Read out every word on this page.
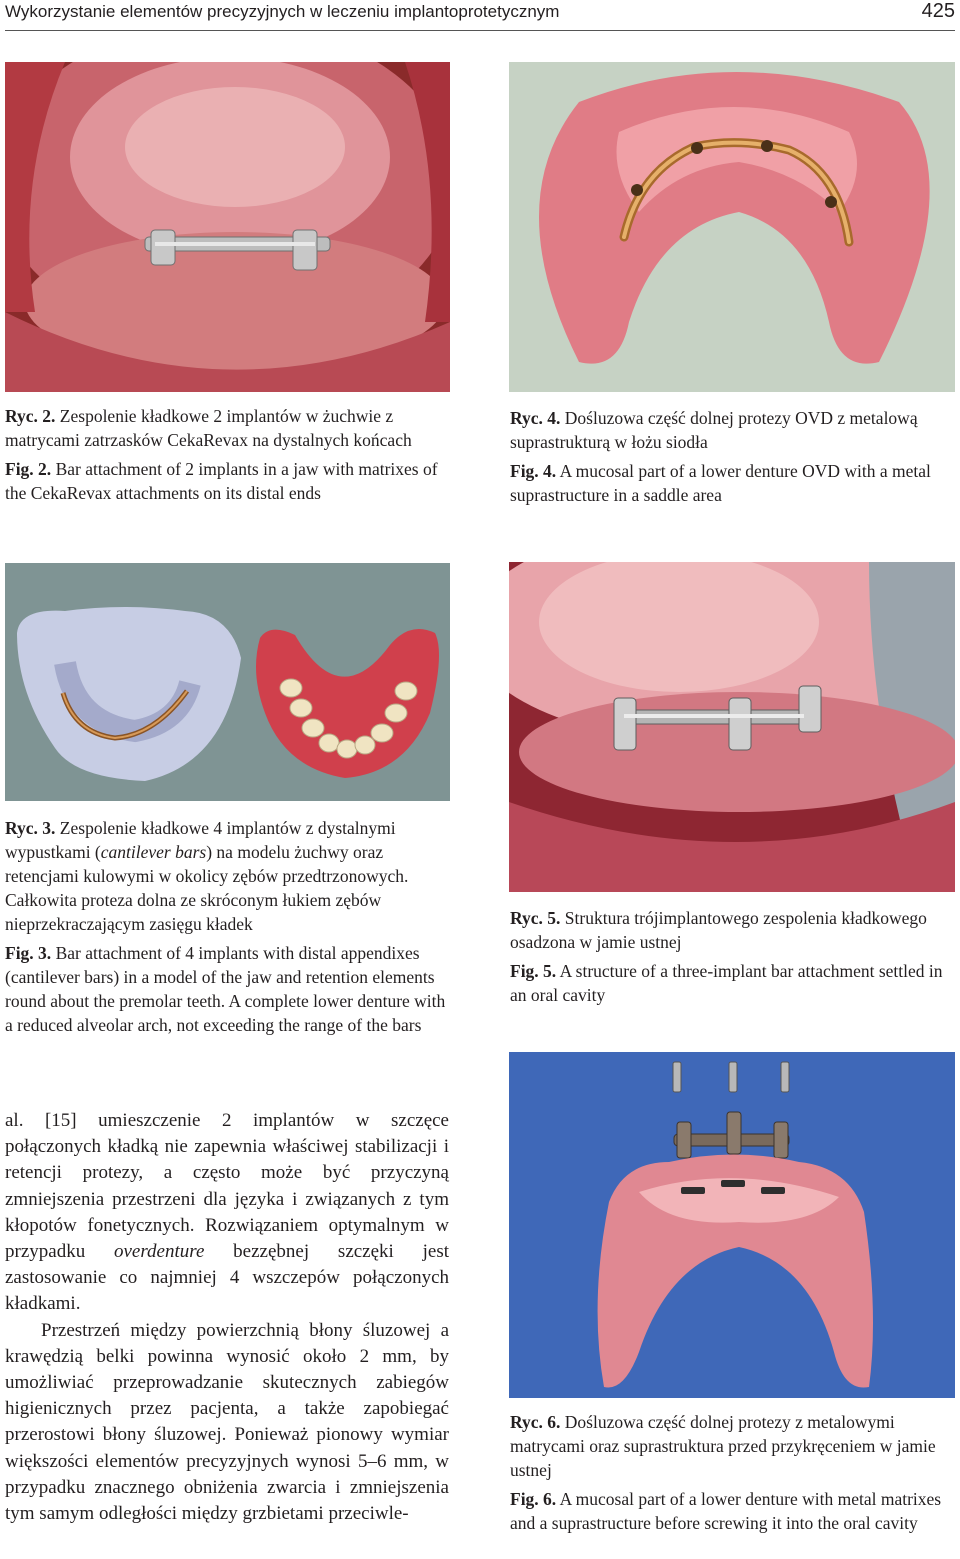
Wykorzystanie elementów precyzyjnych w leczeniu implantoprotetycznym	425

Ryc. 2. Zespolenie kładkowe 2 implantów w żuchwie z matrycami zatrzasków CekaRevax na dystalnych końcach

Fig. 2. Bar attachment of 2 implants in a jaw with matrixes of the CekaRevax attachments on its distal ends

Ryc. 4. Dośluzowa część dolnej protezy OVD z metalową suprastrukturą w łożu siodła

Fig. 4. A mucosal part of a lower denture OVD with a metal suprastructure in a saddle area

Ryc. 3. Zespolenie kładkowe 4 implantów z dystalnymi wypustkami (cantilever bars) na modelu żuchwy oraz retencjami kulowymi w okolicy zębów przedtrzonowych. Całkowita proteza dolna ze skróconym łukiem zębów nieprzekraczającym zasięgu kładek

Fig. 3. Bar attachment of 4 implants with distal appendixes (cantilever bars) in a model of the jaw and retention elements round about the premolar teeth. A complete lower denture with a reduced alveolar arch, not exceeding the range of the bars

Ryc. 5. Struktura trójimplantowego zespolenia kładkowego osadzona w jamie ustnej

Fig. 5. A structure of a three-implant bar attachment settled in an oral cavity

Ryc. 6. Dośluzowa część dolnej protezy z metalowymi matrycami oraz suprastruktura przed przykręceniem w jamie ustnej

Fig. 6. A mucosal part of a lower denture with metal matrixes and a suprastructure before screwing it into the oral cavity

al. [15] umieszczenie 2 implantów w szczęce połączonych kładką nie zapewnia właściwej stabilizacji i retencji protezy, a często może być przyczyną zmniejszenia przestrzeni dla języka i związanych z tym kłopotów fonetycznych. Rozwiązaniem optymalnym w przypadku overdenture bezzębnej szczęki jest zastosowanie co najmniej 4 wszczepów połączonych kładkami.

Przestrzeń między powierzchnią błony śluzowej a krawędzią belki powinna wynosić około 2 mm, by umożliwiać przeprowadzanie skutecznych zabiegów higienicznych przez pacjenta, a także zapobiegać przerostowi błony śluzowej. Ponieważ pionowy wymiar większości elementów precyzyjnych wynosi 5–6 mm, w przypadku znacznego obniżenia zwarcia i zmniejszenia tym samym odległości między grzbietami przeciwle-
